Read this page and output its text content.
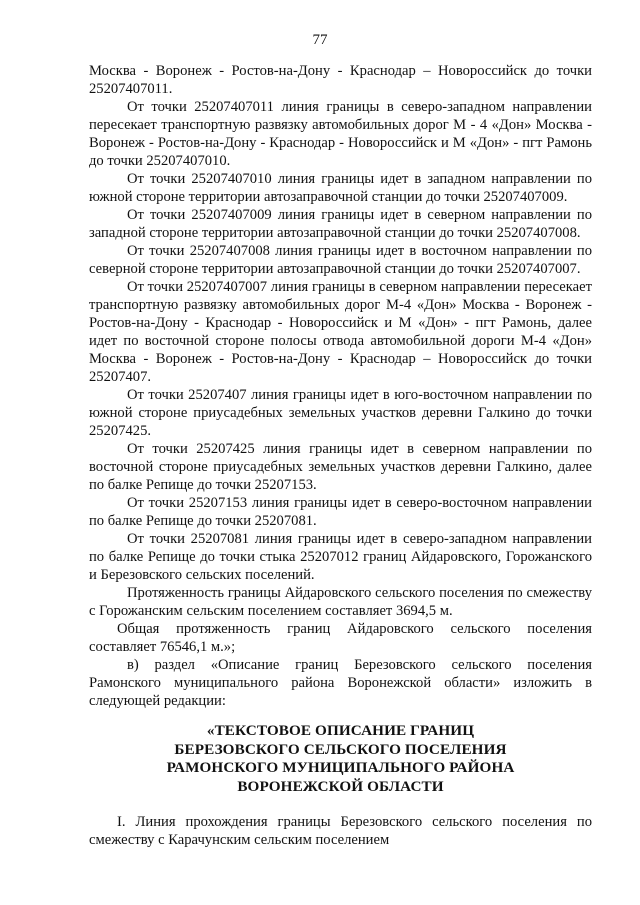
77

Москва - Воронеж - Ростов-на-Дону - Краснодар – Новороссийск до точки 25207407011.

От точки 25207407011 линия границы в северо-западном направлении пересекает транспортную развязку автомобильных дорог М - 4 «Дон» Москва - Воронеж - Ростов-на-Дону - Краснодар - Новороссийск и М «Дон» - пгт Рамонь до точки 25207407010.

От точки 25207407010 линия границы идет в западном направлении по южной стороне территории автозаправочной станции до точки 25207407009.

От точки 25207407009 линия границы идет в северном направлении по западной стороне территории автозаправочной станции до точки 25207407008.

От точки 25207407008 линия границы идет в восточном направлении по северной стороне территории автозаправочной станции до точки 25207407007.

От точки 25207407007 линия границы в северном направлении пересекает транспортную развязку автомобильных дорог М-4 «Дон» Москва - Воронеж - Ростов-на-Дону - Краснодар - Новороссийск и М «Дон» - пгт Рамонь, далее идет по восточной стороне полосы отвода автомобильной дороги М-4 «Дон» Москва - Воронеж - Ростов-на-Дону - Краснодар – Новороссийск до точки 25207407.

От точки 25207407 линия границы идет в юго-восточном направлении по южной стороне приусадебных земельных участков деревни Галкино до точки 25207425.

От точки 25207425 линия границы идет в северном направлении по восточной стороне приусадебных земельных участков деревни Галкино, далее по балке Репище до точки 25207153.

От точки 25207153 линия границы идет в северо-восточном направлении по балке Репище до точки 25207081.

От точки 25207081 линия границы идет в северо-западном направлении по балке Репище до точки стыка 25207012 границ Айдаровского, Горожанского и Березовского сельских поселений.

Протяженность границы Айдаровского сельского поселения по смежеству с Горожанским сельским поселением составляет 3694,5 м.

Общая протяженность границ Айдаровского сельского поселения составляет 76546,1 м.»;

в) раздел «Описание границ Березовского сельского поселения Рамонского муниципального района Воронежской области» изложить в следующей редакции:

«ТЕКСТОВОЕ ОПИСАНИЕ ГРАНИЦ
БЕРЕЗОВСКОГО СЕЛЬСКОГО ПОСЕЛЕНИЯ
РАМОНСКОГО МУНИЦИПАЛЬНОГО РАЙОНА
ВОРОНЕЖСКОЙ ОБЛАСТИ

I. Линия прохождения границы Березовского сельского поселения по смежеству с Карачунским сельским поселением
